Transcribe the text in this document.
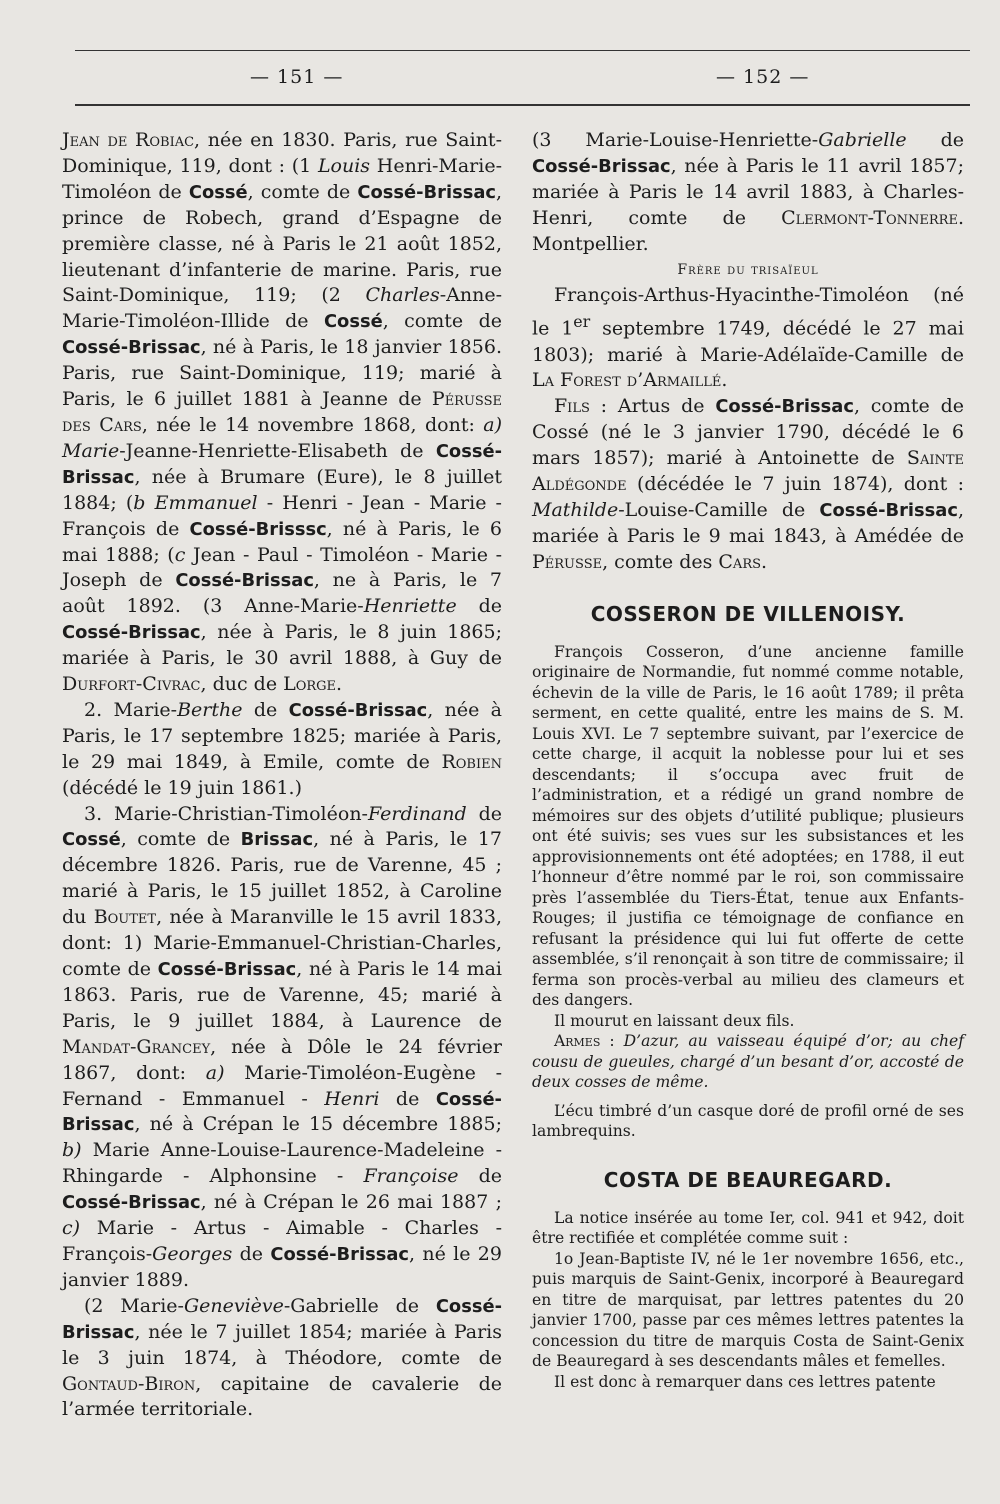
— 151 —	— 152 —

Jean de Robiac, née en 1830. Paris, rue Saint-Dominique, 119, dont : (1 Louis Henri-Marie-Timoléon de Cossé, comte de Cossé-Brissac, prince de Robech, grand d’Espagne de première classe, né à Paris le 21 août 1852, lieutenant d’infanterie de marine. Paris, rue Saint-Dominique, 119; (2 Charles-Anne-Marie-Timoléon-Illide de Cossé, comte de Cossé-Brissac, né à Paris, le 18 janvier 1856. Paris, rue Saint-Dominique, 119; marié à Paris, le 6 juillet 1881 à Jeanne de Pérusse des Cars, née le 14 novembre 1868, dont: a) Marie-Jeanne-Henriette-Elisabeth de Cossé-Brissac, née à Brumare (Eure), le 8 juillet 1884; (b Emmanuel - Henri - Jean - Marie - François de Cossé-Brisssc, né à Paris, le 6 mai 1888; (c Jean - Paul - Timoléon - Marie - Joseph de Cossé-Brissac, ne à Paris, le 7 août 1892. (3 Anne-Marie-Henriette de Cossé-Brissac, née à Paris, le 8 juin 1865; mariée à Paris, le 30 avril 1888, à Guy de Durfort-Civrac, duc de Lorge.

2. Marie-Berthe de Cossé-Brissac, née à Paris, le 17 septembre 1825; mariée à Paris, le 29 mai 1849, à Emile, comte de Robien (décédé le 19 juin 1861.)

3. Marie-Christian-Timoléon-Ferdinand de Cossé, comte de Brissac, né à Paris, le 17 décembre 1826. Paris, rue de Varenne, 45 ; marié à Paris, le 15 juillet 1852, à Caroline du Boutet, née à Maranville le 15 avril 1833, dont: 1) Marie-Emmanuel-Christian-Charles, comte de Cossé-Brissac, né à Paris le 14 mai 1863. Paris, rue de Varenne, 45; marié à Paris, le 9 juillet 1884, à Laurence de Mandat-Grancey, née à Dôle le 24 février 1867, dont: a) Marie-Timoléon-Eugène - Fernand - Emmanuel - Henri de Cossé-Brissac, né à Crépan le 15 décembre 1885; b) Marie Anne-Louise-Laurence-Madeleine - Rhingarde - Alphonsine - Françoise de Cossé-Brissac, né à Crépan le 26 mai 1887 ; c) Marie - Artus - Aimable - Charles - François-Georges de Cossé-Brissac, né le 29 janvier 1889.

(2 Marie-Geneviève-Gabrielle de Cossé-Brissac, née le 7 juillet 1854; mariée à Paris le 3 juin 1874, à Théodore, comte de Gontaud-Biron, capitaine de cavalerie de l’armée territoriale.

(3 Marie-Louise-Henriette-Gabrielle de Cossé-Brissac, née à Paris le 11 avril 1857; mariée à Paris le 14 avril 1883, à Charles-Henri, comte de Clermont-Tonnerre. Montpellier.

Frère du trisaïeul

François-Arthus-Hyacinthe-Timoléon (né le 1er septembre 1749, décédé le 27 mai 1803); marié à Marie-Adélaïde-Camille de La Forest d’Armaillé.

Fils : Artus de Cossé-Brissac, comte de Cossé (né le 3 janvier 1790, décédé le 6 mars 1857); marié à Antoinette de Sainte Aldégonde (décédée le 7 juin 1874), dont : Mathilde-Louise-Camille de Cossé-Brissac, mariée à Paris le 9 mai 1843, à Amédée de Pérusse, comte des Cars.

COSSERON DE VILLENOISY.

François Cosseron, d’une ancienne famille originaire de Normandie, fut nommé comme notable, échevin de la ville de Paris, le 16 août 1789; il prêta serment, en cette qualité, entre les mains de S. M. Louis XVI. Le 7 septembre suivant, par l’exercice de cette charge, il acquit la noblesse pour lui et ses descendants; il s’occupa avec fruit de l’administration, et a rédigé un grand nombre de mémoires sur des objets d’utilité publique; plusieurs ont été suivis; ses vues sur les subsistances et les approvisionnements ont été adoptées; en 1788, il eut l’honneur d’être nommé par le roi, son commissaire près l’assemblée du Tiers-État, tenue aux Enfants-Rouges; il justifia ce témoignage de confiance en refusant la présidence qui lui fut offerte de cette assemblée, s’il renonçait à son titre de commissaire; il ferma son procès-verbal au milieu des clameurs et des dangers.

Il mourut en laissant deux fils.

Armes : D’azur, au vaisseau équipé d’or; au chef cousu de gueules, chargé d’un besant d’or, accosté de deux cosses de même.

L’écu timbré d’un casque doré de profil orné de ses lambrequins.

COSTA DE BEAUREGARD.

La notice insérée au tome Ier, col. 941 et 942, doit être rectifiée et complétée comme suit :

1o Jean-Baptiste IV, né le 1er novembre 1656, etc., puis marquis de Saint-Genix, incorporé à Beauregard en titre de marquisat, par lettres patentes du 20 janvier 1700, passe par ces mêmes lettres patentes la concession du titre de marquis Costa de Saint-Genix de Beauregard à ses descendants mâles et femelles.

Il est donc à remarquer dans ces lettres patente
